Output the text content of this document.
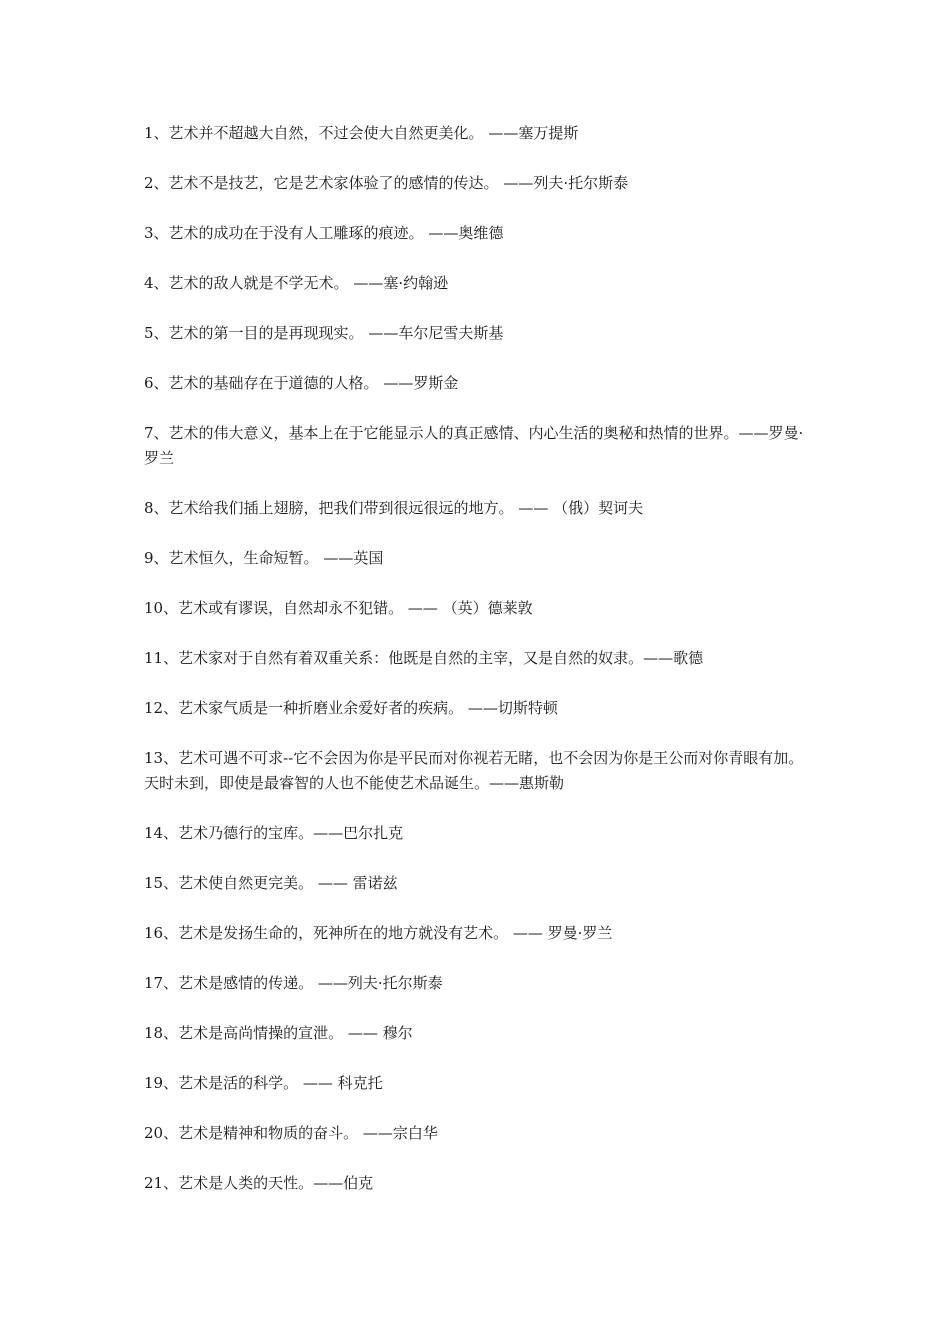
1、艺术并不超越大自然，不过会使大自然更美化。 ——塞万提斯
2、艺术不是技艺，它是艺术家体验了的感情的传达。 ——列夫·托尔斯泰
3、艺术的成功在于没有人工雕琢的痕迹。 ——奥维德
4、艺术的敌人就是不学无术。 ——塞·约翰逊
5、艺术的第一目的是再现现实。 ——车尔尼雪夫斯基
6、艺术的基础存在于道德的人格。 ——罗斯金
7、艺术的伟大意义，基本上在于它能显示人的真正感情、内心生活的奥秘和热情的世界。——罗曼·罗兰
8、艺术给我们插上翅膀，把我们带到很远很远的地方。 —— （俄）契诃夫
9、艺术恒久，生命短暂。 ——英国
10、艺术或有谬误，自然却永不犯错。 —— （英）德莱敦
11、艺术家对于自然有着双重关系：他既是自然的主宰，又是自然的奴隶。——歌德
12、艺术家气质是一种折磨业余爱好者的疾病。 ——切斯特顿
13、艺术可遇不可求--它不会因为你是平民而对你视若无睹，也不会因为你是王公而对你青眼有加。天时未到，即使是最睿智的人也不能使艺术品诞生。——惠斯勒
14、艺术乃德行的宝库。——巴尔扎克
15、艺术使自然更完美。 —— 雷诺兹
16、艺术是发扬生命的，死神所在的地方就没有艺术。 —— 罗曼·罗兰
17、艺术是感情的传递。 ——列夫·托尔斯泰
18、艺术是高尚情操的宣泄。 —— 穆尔
19、艺术是活的科学。 —— 科克托
20、艺术是精神和物质的奋斗。 ——宗白华
21、艺术是人类的天性。——伯克
